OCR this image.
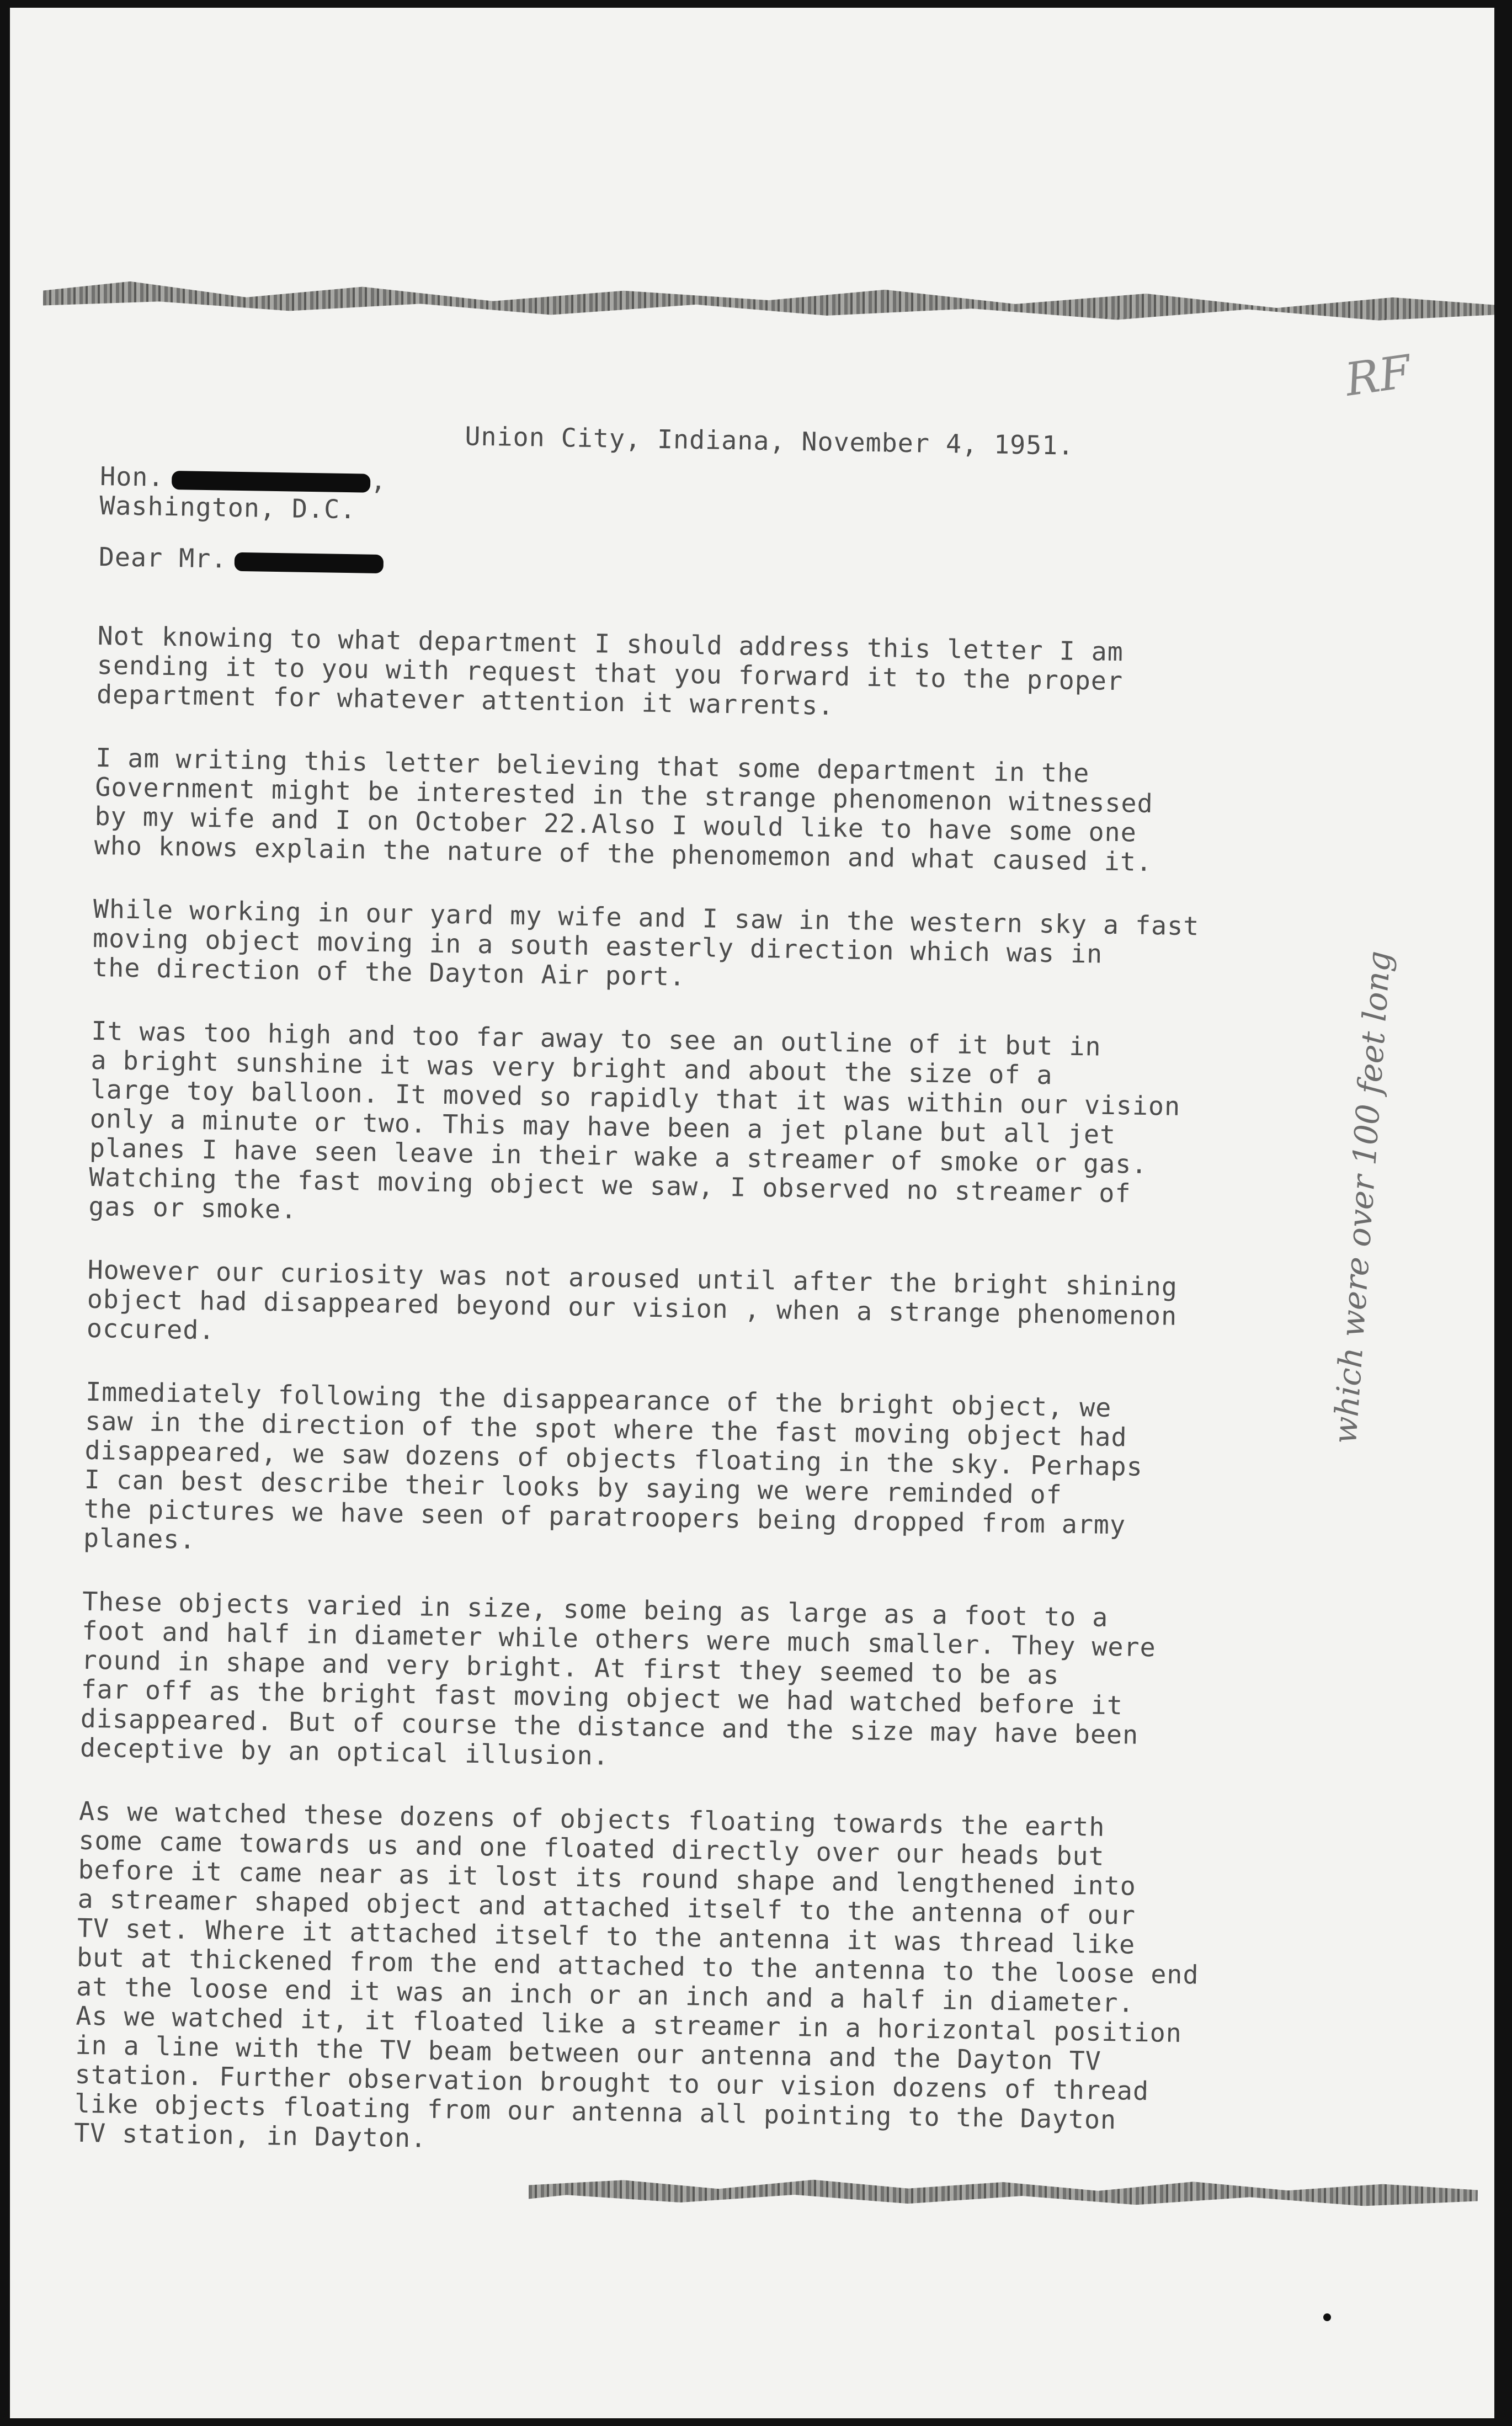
RF
Union City, Indiana, November 4, 1951.
Hon.	,
Washington, D.C.
Dear Mr.

Not knowing to what department I should address this letter I am
sending it to you with request that you forward it to the proper
department for whatever attention it warrents.

I am writing this letter believing that some department in the
Government might be interested in the strange phenomenon witnessed
by my wife and I on October 22.Also I would like to have some one
who knows explain the nature of the phenomemon and what caused it.

While working in our yard my wife and I saw in the western sky a fast
moving object moving in a south easterly direction which was in
the direction of the Dayton Air port.

It was too high and too far away to see an outline of it but in
a bright sunshine it was very bright and about the size of a
large toy balloon. It moved so rapidly that it was within our vision
only a minute or two. This may have been a jet plane but all jet
planes I have seen leave in their wake a streamer of smoke or gas.
Watching the fast moving object we saw, I observed no streamer of
gas or smoke.

However our curiosity was not aroused until after the bright shining
object had disappeared beyond our vision , when a strange phenomenon
occured.

Immediately following the disappearance of the bright object, we
saw in the direction of the spot where the fast moving object had
disappeared, we saw dozens of objects floating in the sky. Perhaps
I can best describe their looks by saying we were reminded of
the pictures we have seen of paratroopers being dropped from army
planes.

These objects varied in size, some being as large as a foot to a
foot and half in diameter while others were much smaller. They were
round in shape and very bright. At first they seemed to be as
far off as the bright fast moving object we had watched before it
disappeared. But of course the distance and the size may have been
deceptive by an optical illusion.

As we watched these dozens of objects floating towards the earth
some came towards us and one floated directly over our heads but
before it came near as it lost its round shape and lengthened into
a streamer shaped object and attached itself to the antenna of our
TV set. Where it attached itself to the antenna it was thread like
but at thickened from the end attached to the antenna to the loose end
at the loose end it was an inch or an inch and a half in diameter.
As we watched it, it floated like a streamer in a horizontal position
in a line with the TV beam between our antenna and the Dayton TV
station. Further observation brought to our vision dozens of thread
like objects floating from our antenna all pointing to the Dayton
TV station, in Dayton.

which were over 100 feet long
